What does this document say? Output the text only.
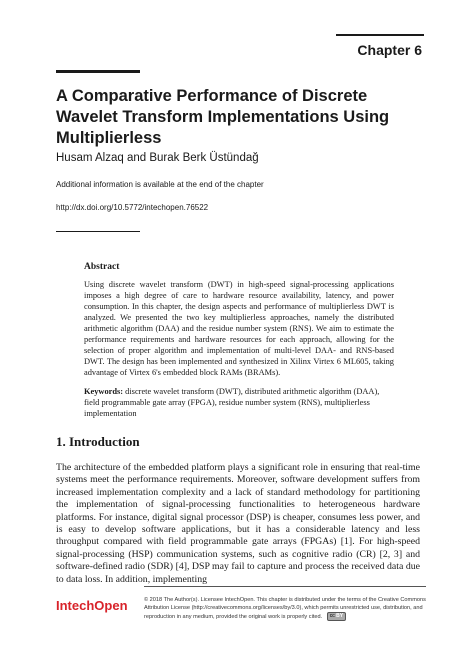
Chapter 6
A Comparative Performance of Discrete Wavelet Transform Implementations Using Multiplierless
Husam Alzaq and Burak Berk Üstündağ
Additional information is available at the end of the chapter
http://dx.doi.org/10.5772/intechopen.76522

Abstract

Using discrete wavelet transform (DWT) in high-speed signal-processing applications imposes a high degree of care to hardware resource availability, latency, and power consumption. In this chapter, the design aspects and performance of multiplierless DWT is analyzed. We presented the two key multiplierless approaches, namely the distributed arithmetic algorithm (DAA) and the residue number system (RNS). We aim to estimate the performance requirements and hardware resources for each approach, allowing for the selection of proper algorithm and implementation of multi-level DAA- and RNS-based DWT. The design has been implemented and synthesized in Xilinx Virtex 6 ML605, taking advantage of Virtex 6's embedded block RAMs (BRAMs).

Keywords: discrete wavelet transform (DWT), distributed arithmetic algorithm (DAA), field programmable gate array (FPGA), residue number system (RNS), multiplierless implementation

1. Introduction

The architecture of the embedded platform plays a significant role in ensuring that real-time systems meet the performance requirements. Moreover, software development suffers from increased implementation complexity and a lack of standard methodology for partitioning the implementation of signal-processing functionalities to heterogeneous hardware platforms. For instance, digital signal processor (DSP) is cheaper, consumes less power, and is easy to develop software applications, but it has a considerable latency and less throughput compared with field programmable gate arrays (FPGAs) [1]. For high-speed signal-processing (HSP) communication systems, such as cognitive radio (CR) [2, 3] and software-defined radio (SDR) [4], DSP may fail to capture and process the received data due to data loss. In addition, implementing

IntechOpen	© 2018 The Author(s). Licensee IntechOpen. This chapter is distributed under the terms of the Creative Commons Attribution License (http://creativecommons.org/licenses/by/3.0), which permits unrestricted use, distribution, and reproduction in any medium, provided the original work is properly cited. cc BY
